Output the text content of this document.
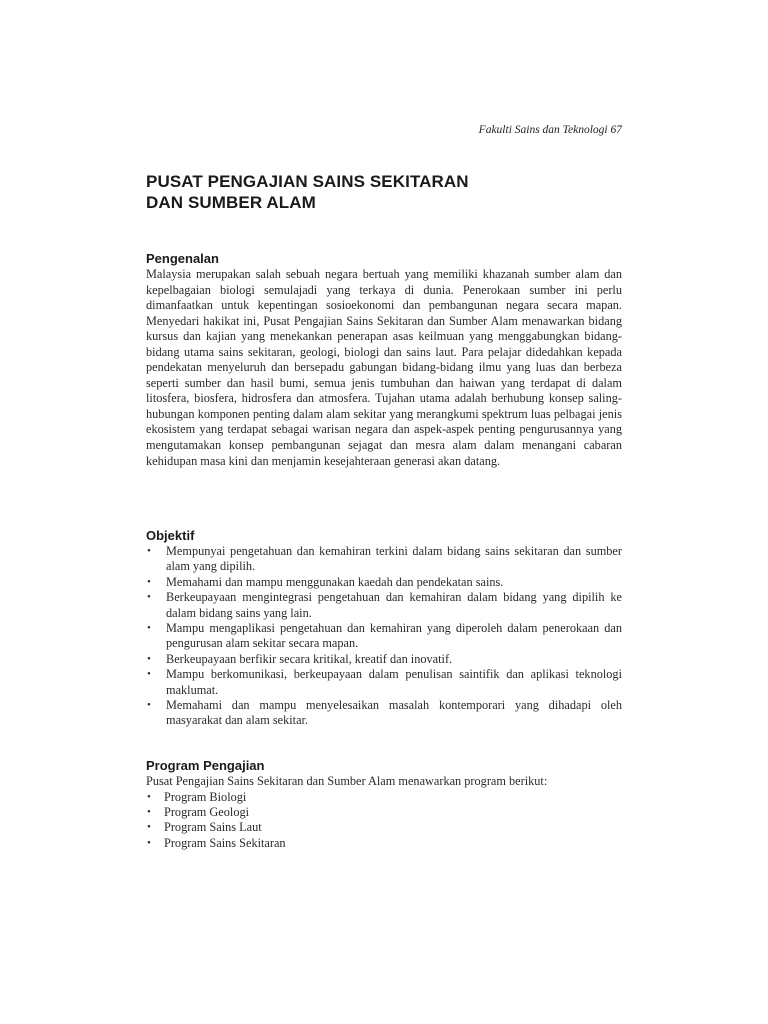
Fakulti Sains dan Teknologi 67
PUSAT PENGAJIAN SAINS SEKITARAN
DAN SUMBER ALAM
Pengenalan

Malaysia merupakan salah sebuah negara bertuah yang memiliki khazanah sumber alam dan kepelbagaian biologi semulajadi yang terkaya di dunia. Penerokaan sumber ini perlu dimanfaatkan untuk kepentingan sosioekonomi dan pembangunan negara secara mapan. Menyedari hakikat ini, Pusat Pengajian Sains Sekitaran dan Sumber Alam menawarkan bidang kursus dan kajian yang menekankan penerapan asas keilmuan yang menggabungkan bidang-bidang utama sains sekitaran, geologi, biologi dan sains laut. Para pelajar didedahkan kepada pendekatan menyeluruh dan bersepadu gabungan bidang-bidang ilmu yang luas dan berbeza seperti sumber dan hasil bumi, semua jenis tumbuhan dan haiwan yang terdapat di dalam litosfera, biosfera, hidrosfera dan atmosfera. Tujahan utama adalah berhubung konsep saling-hubungan komponen penting dalam alam sekitar yang merangkumi spektrum luas pelbagai jenis ekosistem yang terdapat sebagai warisan negara dan aspek-aspek penting pengurusannya yang mengutamakan konsep pembangunan sejagat dan mesra alam dalam menangani cabaran kehidupan masa kini dan menjamin kesejahteraan generasi akan datang.

Objektif
• Mempunyai pengetahuan dan kemahiran terkini dalam bidang sains sekitaran dan sumber alam yang dipilih.
• Memahami dan mampu menggunakan kaedah dan pendekatan sains.
• Berkeupayaan mengintegrasi pengetahuan dan kemahiran dalam bidang yang dipilih ke dalam bidang sains yang lain.
• Mampu mengaplikasi pengetahuan dan kemahiran yang diperoleh dalam penerokaan dan pengurusan alam sekitar secara mapan.
• Berkeupayaan berfikir secara kritikal, kreatif dan inovatif.
• Mampu berkomunikasi, berkeupayaan dalam penulisan saintifik dan aplikasi teknologi maklumat.
• Memahami dan mampu menyelesaikan masalah kontemporari yang dihadapi oleh masyarakat dan alam sekitar.
Program Pengajian

Pusat Pengajian Sains Sekitaran dan Sumber Alam menawarkan program berikut:

• Program Biologi
• Program Geologi
• Program Sains Laut
• Program Sains Sekitaran
